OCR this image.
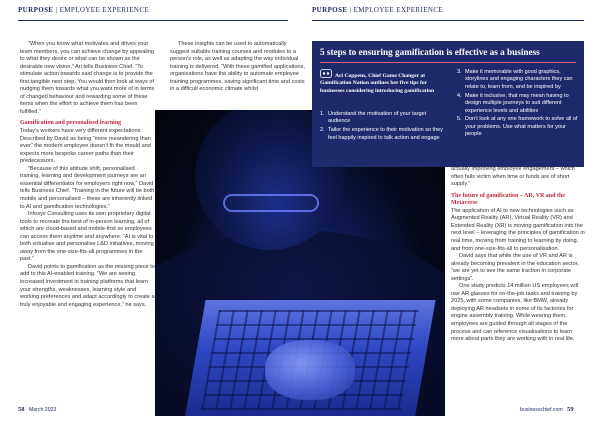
PURPOSE | EMPLOYEE EXPERIENCE	PURPOSE | EMPLOYEE EXPERIENCE

“When you know what motivates and drives your team members, you can achieve change by appealing to what they desire or what can be shown as the desirable new vision,” Ari tells Business Chief. “To stimulate action towards said change is to provide the first tangible next step. You would then look at ways of nudging them towards what you want more of in terms of changed behaviour and rewarding some of these items when the effort to achieve them has been fulfilled.”

Gamification and personalised learning

Today’s workers have very different expectations. Described by David as being “more meandering than ever” the modern employee doesn’t fit the mould and expects more bespoke career paths than their predecessors.

“Because of this attitude shift, personalised training, learning and development journeys are an essential differentiator for employers right now,” David tells Business Chief. “Training in the future will be both mobile and personalised – these are inherently linked to AI and gamification technologies.”

Infosys Consulting uses its own proprietary digital tools to recreate the best of in-person learning, all of which are cloud-based and mobile-first so employees can access them anytime and anywhere. “AI is vital to both virtualise and personalise L&D initiatives, moving away from the one-size-fits-all programmes in the past.”

David points to gamification as the missing piece to add to this AI-enabled training. “We are seeing increased investment in training platforms that learn your strengths, weaknesses, learning style and working preferences and adapt accordingly to create a truly enjoyable and engaging experience,” he says.

These insights can be used to automatically suggest suitable training courses and modules to a person’s role, as well as adapting the way individual training is delivered. “With these gamified applications, organisations have the ability to automate employee training programmes, saving significant time and costs in a difficult economic climate whilst

5 steps to ensuring gamification is effective as a business
Ari Coppens, Chief Game Changer at Gamification Nation outlines her five tips for businesses considering introducing gamification
1. Understand the motivation of your target audience
2. Tailor the experience to their motivation so they feel happily inspired to talk action and engage
3. Make it memorable with good graphics, storylines and engaging characters they can relate to, learn from, and be inspired by
4. Make it inclusive, that may mean having to design multiple journeys to suit different experience levels and abilities
5. Don’t look at any one framework to solve all of your problems. Use what matters for your people

actually improving employee engagement – which often falls victim when time or funds are of short supply.”

The future of gamification – AR, VR and the Metaverse

The application of AI to new technologies such as Augmented Reality (AR), Virtual Reality (VR) and Extended Reality (XR) is moving gamification into the next level – leveraging the principles of gamification in real time, moving from training to learning by doing, and from one-size-fits-all to personalisation.

David says that while the use of VR and AR is already becoming prevalent in the education sector, “we are yet to see the same traction in corporate settings”.

One study predicts 14 million US employees will use AR glasses for on-the-job tasks and training by 2025, with some companies, like BMW, already deploying AR headsets in some of its factories for engine assembly training. While wearing them, employees are guided through all stages of the process and can reference visualisations to learn more about parts they are working with in real life.

58 March 2023	businesschief.com 59
